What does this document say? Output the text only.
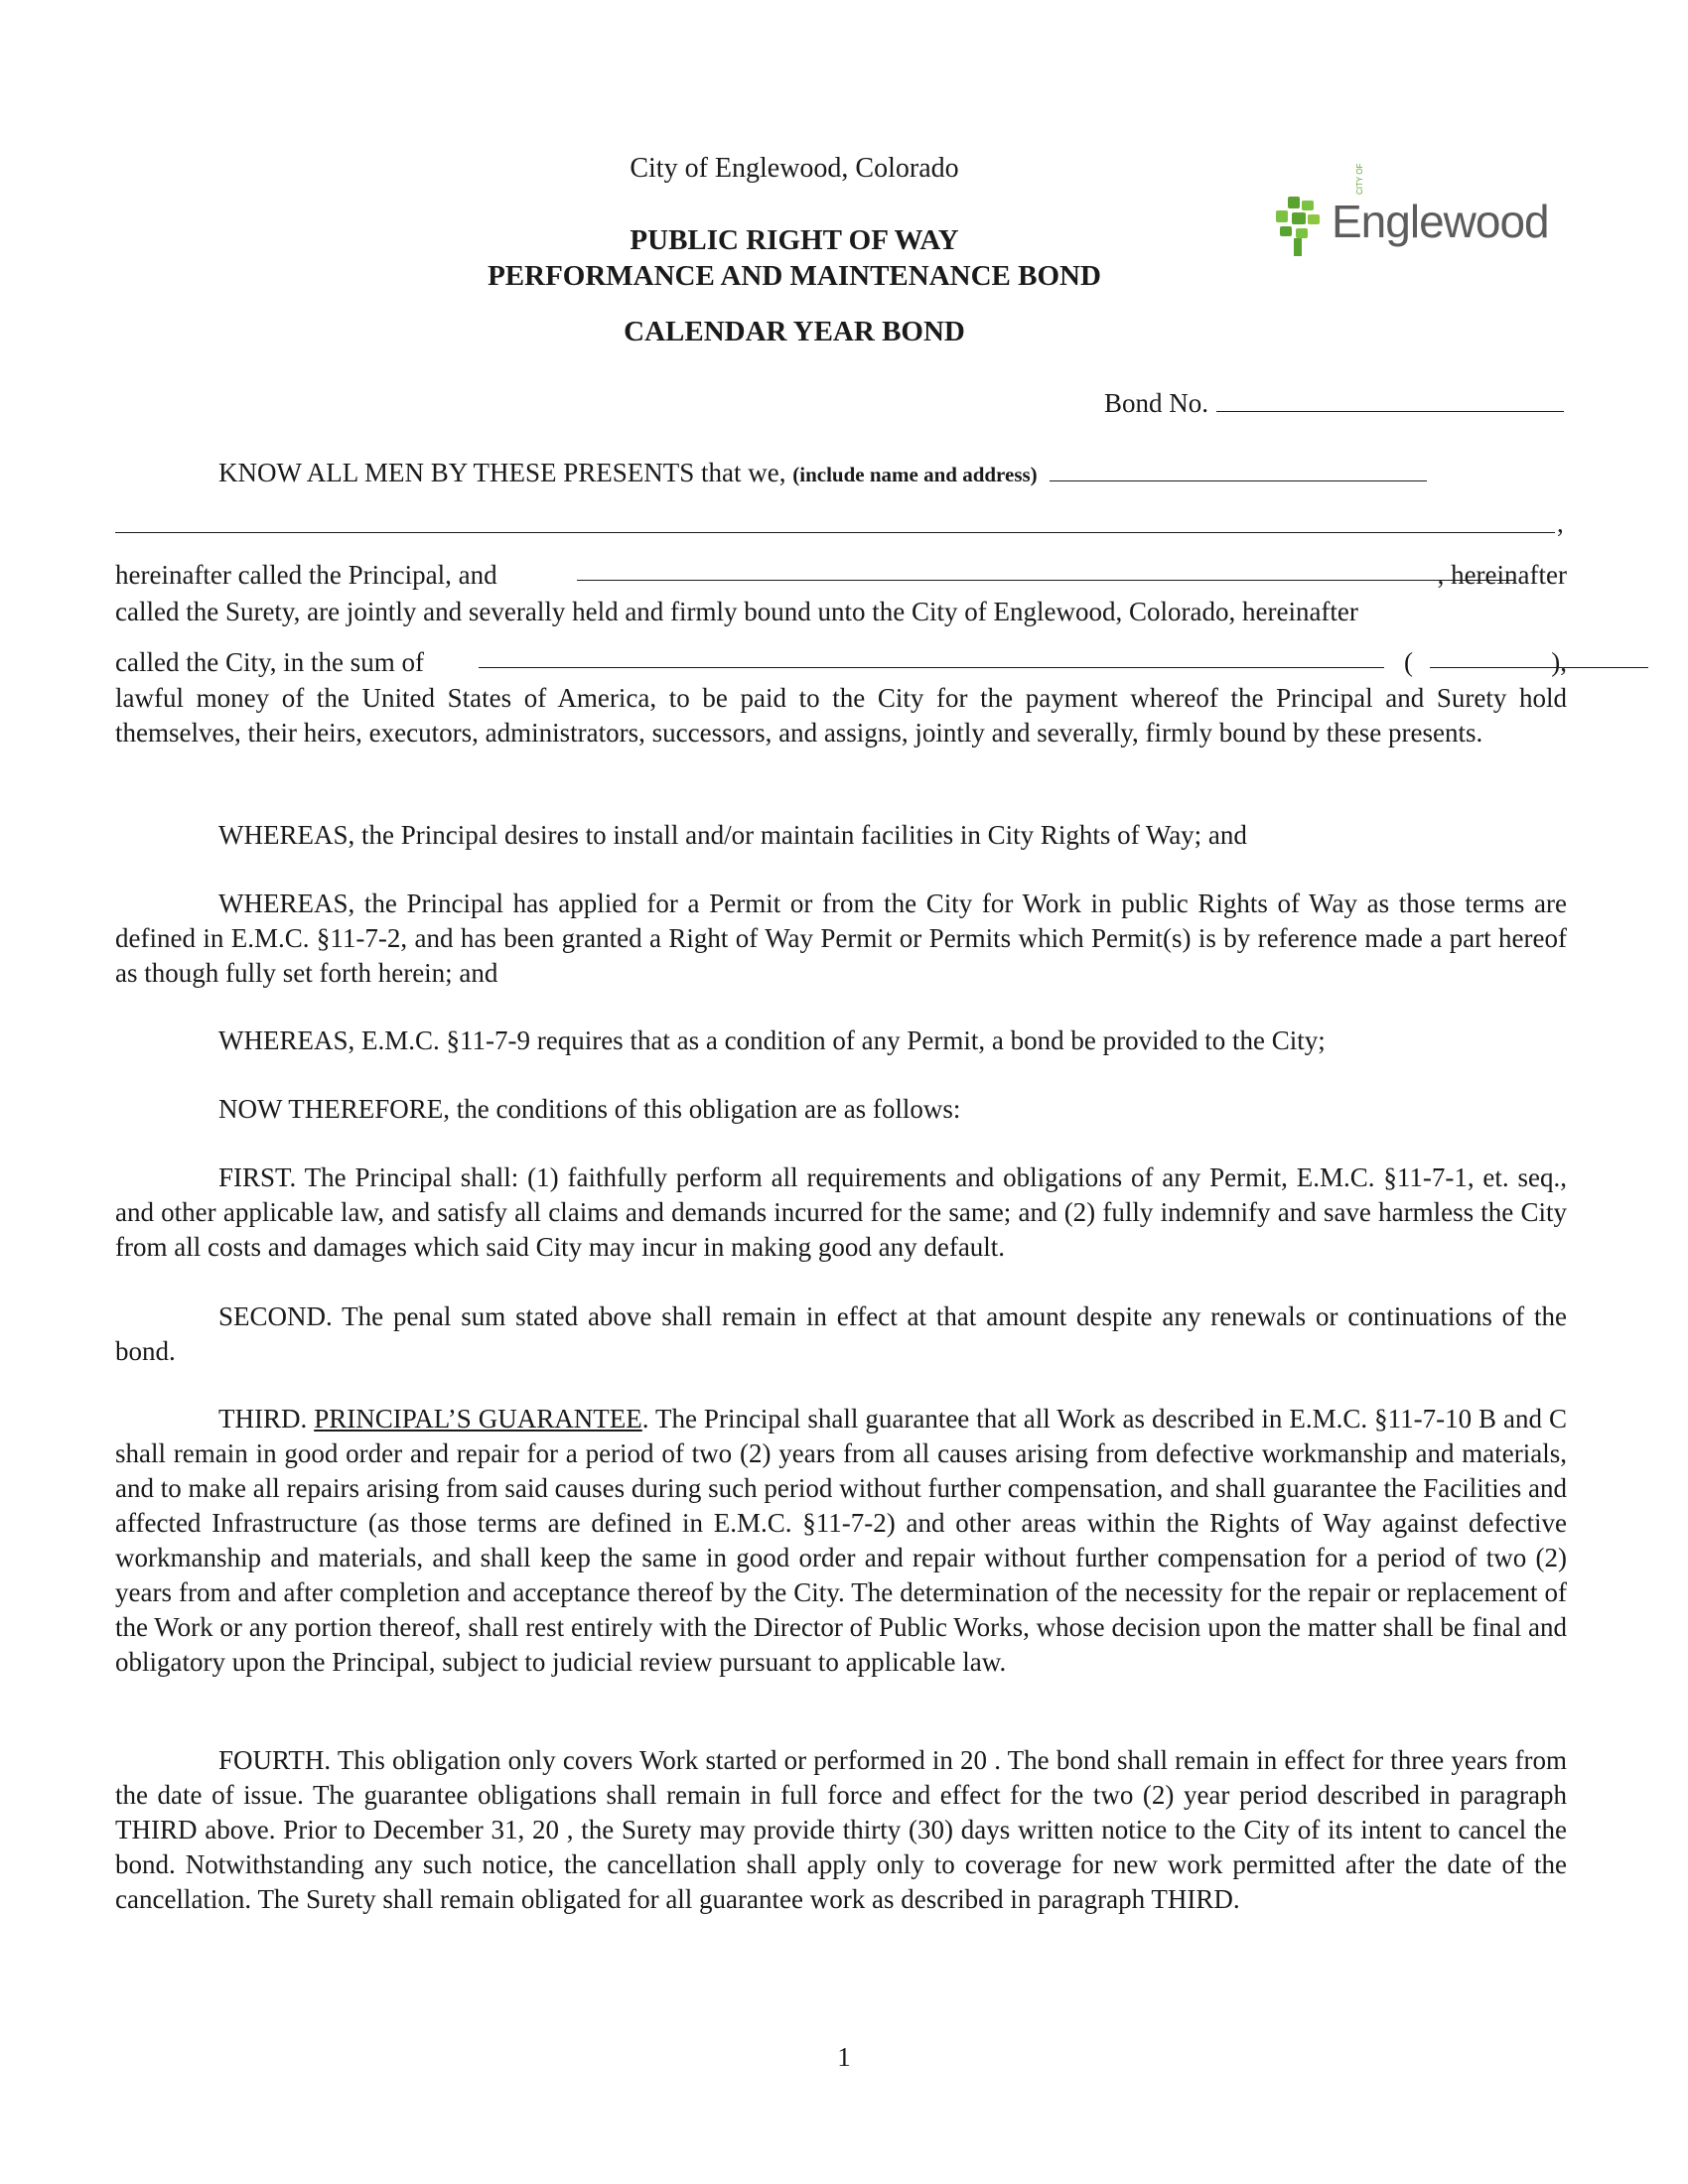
City of Englewood, Colorado
PUBLIC RIGHT OF WAY
PERFORMANCE AND MAINTENANCE BOND
CALENDAR YEAR BOND
CITY OF
Englewood
Bond No.
KNOW ALL MEN BY THESE PRESENTS that we, (include name and address)
,
hereinafter called the Principal, and	, hereinafter

called the Surety, are jointly and severally held and firmly bound unto the City of Englewood, Colorado, hereinafter

called the City, in the sum of	(	),

lawful money of the United States of America, to be paid to the City for the payment whereof the Principal and Surety hold themselves, their heirs, executors, administrators, successors, and assigns, jointly and severally, firmly bound by these presents.

WHEREAS, the Principal desires to install and/or maintain facilities in City Rights of Way; and

WHEREAS, the Principal has applied for a Permit or from the City for Work in public Rights of Way as those terms are defined in E.M.C. §11-7-2, and has been granted a Right of Way Permit or Permits which Permit(s) is by reference made a part hereof as though fully set forth herein; and

WHEREAS, E.M.C. §11-7-9 requires that as a condition of any Permit, a bond be provided to the City;

NOW THEREFORE, the conditions of this obligation are as follows:

FIRST. The Principal shall: (1) faithfully perform all requirements and obligations of any Permit, E.M.C. §11-7-1, et. seq., and other applicable law, and satisfy all claims and demands incurred for the same; and (2) fully indemnify and save harmless the City from all costs and damages which said City may incur in making good any default.

SECOND. The penal sum stated above shall remain in effect at that amount despite any renewals or continuations of the bond.

THIRD. PRINCIPAL’S GUARANTEE. The Principal shall guarantee that all Work as described in E.M.C. §11-7-10 B and C shall remain in good order and repair for a period of two (2) years from all causes arising from defective workmanship and materials, and to make all repairs arising from said causes during such period without further compensation, and shall guarantee the Facilities and affected Infrastructure (as those terms are defined in E.M.C. §11-7-2) and other areas within the Rights of Way against defective workmanship and materials, and shall keep the same in good order and repair without further compensation for a period of two (2) years from and after completion and acceptance thereof by the City. The determination of the necessity for the repair or replacement of the Work or any portion thereof, shall rest entirely with the Director of Public Works, whose decision upon the matter shall be final and obligatory upon the Principal, subject to judicial review pursuant to applicable law.

FOURTH. This obligation only covers Work started or performed in 20 . The bond shall remain in effect for three years from the date of issue. The guarantee obligations shall remain in full force and effect for the two (2) year period described in paragraph THIRD above. Prior to December 31, 20 , the Surety may provide thirty (30) days written notice to the City of its intent to cancel the bond. Notwithstanding any such notice, the cancellation shall apply only to coverage for new work permitted after the date of the cancellation. The Surety shall remain obligated for all guarantee work as described in paragraph THIRD.

1
